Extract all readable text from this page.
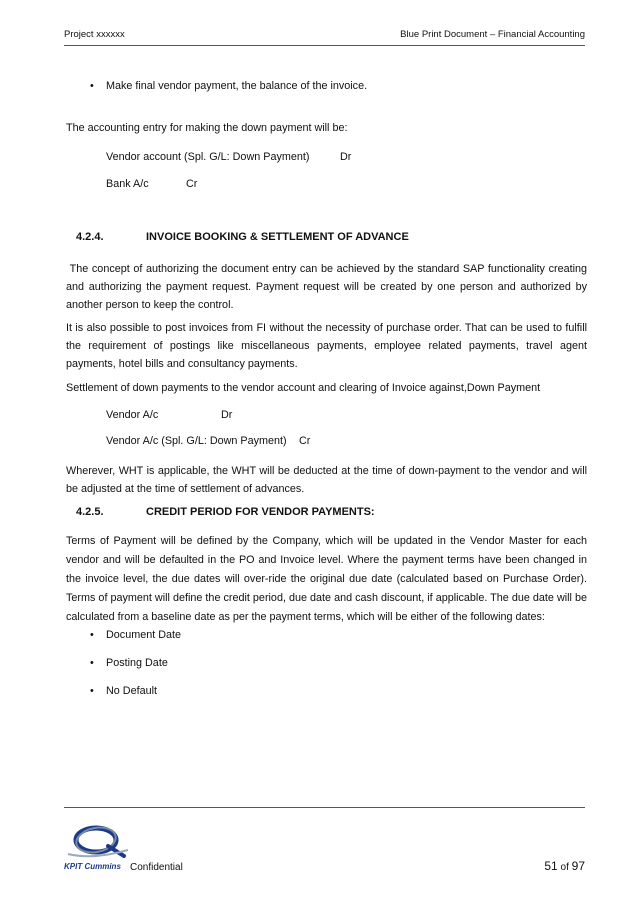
Project xxxxxx	Blue Print Document – Financial Accounting
• Make final vendor payment, the balance of the invoice.
The accounting entry for making the down payment will be:
Vendor account (Spl. G/L: Down Payment)	Dr
Bank A/c	Cr
4.2.4.	INVOICE BOOKING & SETTLEMENT OF ADVANCE

The concept of authorizing the document entry can be achieved by the standard SAP functionality creating and authorizing the payment request. Payment request will be created by one person and authorized by another person to keep the control.

It is also possible to post invoices from FI without the necessity of purchase order. That can be used to fulfill the requirement of postings like miscellaneous payments, employee related payments, travel agent payments, hotel bills and consultancy payments.

Settlement of down payments to the vendor account and clearing of Invoice against,Down Payment

Vendor A/c	Dr
Vendor A/c (Spl. G/L: Down Payment) Cr

Wherever, WHT is applicable, the WHT will be deducted at the time of down-payment to the vendor and will be adjusted at the time of settlement of advances.

4.2.5.	CREDIT PERIOD FOR VENDOR PAYMENTS:

Terms of Payment will be defined by the Company, which will be updated in the Vendor Master for each vendor and will be defaulted in the PO and Invoice level. Where the payment terms have been changed in the invoice level, the due dates will over-ride the original due date (calculated based on Purchase Order). Terms of payment will define the credit period, due date and cash discount, if applicable. The due date will be calculated from a baseline date as per the payment terms, which will be either of the following dates:

• Document Date
• Posting Date
• No Default
KPIT Cummins Confidential	51 of 97
